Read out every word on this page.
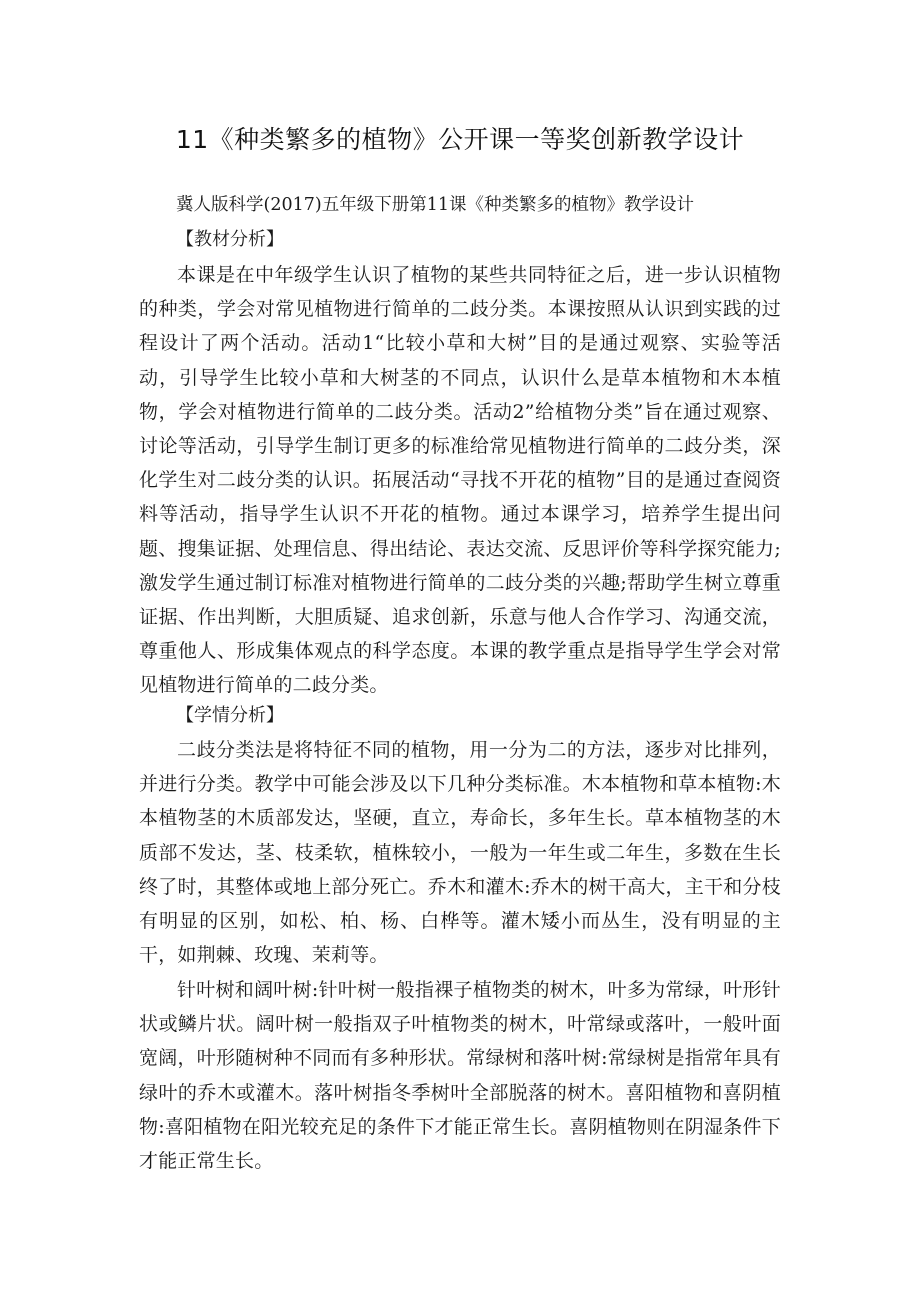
11《种类繁多的植物》公开课一等奖创新教学设计
冀人版科学(2017)五年级下册第11课《种类繁多的植物》教学设计
【教材分析】
本课是在中年级学生认识了植物的某些共同特征之后，进一步认识植物的种类，学会对常见植物进行简单的二歧分类。本课按照从认识到实践的过程设计了两个活动。活动1“比较小草和大树”目的是通过观察、实验等活动，引导学生比较小草和大树茎的不同点，认识什么是草本植物和木本植物，学会对植物进行简单的二歧分类。活动2”给植物分类”旨在通过观察、讨论等活动，引导学生制订更多的标准给常见植物进行简单的二歧分类，深化学生对二歧分类的认识。拓展活动“寻找不开花的植物”目的是通过查阅资料等活动，指导学生认识不开花的植物。通过本课学习，培养学生提出问题、搜集证据、处理信息、得出结论、表达交流、反思评价等科学探究能力;激发学生通过制订标准对植物进行简单的二歧分类的兴趣;帮助学生树立尊重证据、作出判断，大胆质疑、追求创新，乐意与他人合作学习、沟通交流，尊重他人、形成集体观点的科学态度。本课的教学重点是指导学生学会对常见植物进行简单的二歧分类。
【学情分析】
二歧分类法是将特征不同的植物，用一分为二的方法，逐步对比排列，并进行分类。教学中可能会涉及以下几种分类标准。木本植物和草本植物:木本植物茎的木质部发达，坚硬，直立，寿命长，多年生长。草本植物茎的木质部不发达，茎、枝柔软，植株较小，一般为一年生或二年生，多数在生长终了时，其整体或地上部分死亡。乔木和灌木:乔木的树干高大，主干和分枝有明显的区别，如松、柏、杨、白桦等。灌木矮小而丛生，没有明显的主干，如荆棘、玫瑰、茉莉等。
针叶树和阔叶树:针叶树一般指裸子植物类的树木，叶多为常绿，叶形针状或鳞片状。阔叶树一般指双子叶植物类的树木，叶常绿或落叶，一般叶面宽阔，叶形随树种不同而有多种形状。常绿树和落叶树:常绿树是指常年具有绿叶的乔木或灌木。落叶树指冬季树叶全部脱落的树木。喜阳植物和喜阴植物:喜阳植物在阳光较充足的条件下才能正常生长。喜阴植物则在阴湿条件下才能正常生长。
